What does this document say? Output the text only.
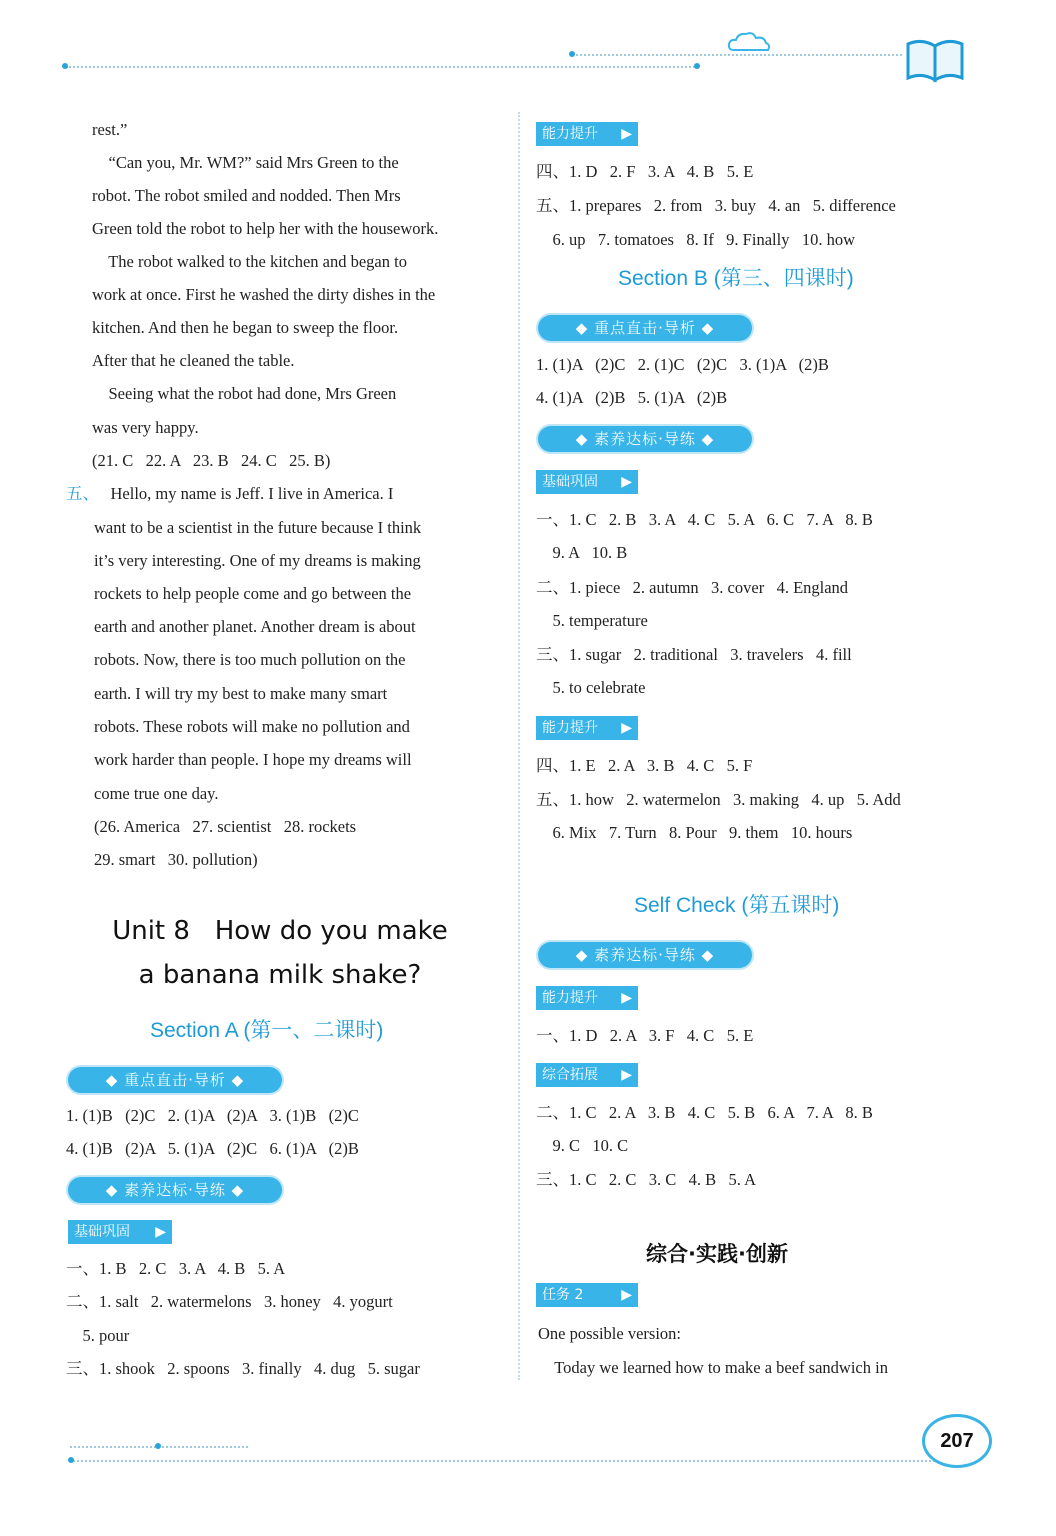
rest.”
“Can you, Mr. WM?” said Mrs Green to the
robot. The robot smiled and nodded. Then Mrs
Green told the robot to help her with the housework.
The robot walked to the kitchen and began to
work at once. First he washed the dirty dishes in the
kitchen. And then he began to sweep the floor.
After that he cleaned the table.
Seeing what the robot had done, Mrs Green
was very happy.
(21. C   22. A   23. B   24. C   25. B)
五、
Hello, my name is Jeff. I live in America. I
want to be a scientist in the future because I think
it’s very interesting. One of my dreams is making
rockets to help people come and go between the
earth and another planet. Another dream is about
robots. Now, there is too much pollution on the
earth. I will try my best to make many smart
robots. These robots will make no pollution and
work harder than people. I hope my dreams will
come true one day.
(26. America   27. scientist   28. rockets
29. smart   30. pollution)
Unit 8   How do you make
a banana milk shake?
Section A (第一、二课时)
◆ 重点直击·导析 ◆
1. (1)B   (2)C   2. (1)A   (2)A   3. (1)B   (2)C
4. (1)B   (2)A   5. (1)A   (2)C   6. (1)A   (2)B
◆ 素养达标·导练 ◆
基础巩固 ▶
一、1. B   2. C   3. A   4. B   5. A
二、1. salt   2. watermelons   3. honey   4. yogurt
5. pour
三、1. shook   2. spoons   3. finally   4. dug   5. sugar
能力提升 ▶
四、1. D   2. F   3. A   4. B   5. E
五、1. prepares   2. from   3. buy   4. an   5. difference
6. up   7. tomatoes   8. If   9. Finally   10. how
Section B (第三、四课时)
◆ 重点直击·导析 ◆
1. (1)A   (2)C   2. (1)C   (2)C   3. (1)A   (2)B
4. (1)A   (2)B   5. (1)A   (2)B
◆ 素养达标·导练 ◆
基础巩固 ▶
一、1. C   2. B   3. A   4. C   5. A   6. C   7. A   8. B
9. A   10. B
二、1. piece   2. autumn   3. cover   4. England
5. temperature
三、1. sugar   2. traditional   3. travelers   4. fill
5. to celebrate
能力提升 ▶
四、1. E   2. A   3. B   4. C   5. F
五、1. how   2. watermelon   3. making   4. up   5. Add
6. Mix   7. Turn   8. Pour   9. them   10. hours
Self Check (第五课时)
◆ 素养达标·导练 ◆
能力提升 ▶
一、1. D   2. A   3. F   4. C   5. E
综合拓展 ▶
二、1. C   2. A   3. B   4. C   5. B   6. A   7. A   8. B
9. C   10. C
三、1. C   2. C   3. C   4. B   5. A
综合·实践·创新
任务 2	▶
One possible version:
Today we learned how to make a beef sandwich in
207
